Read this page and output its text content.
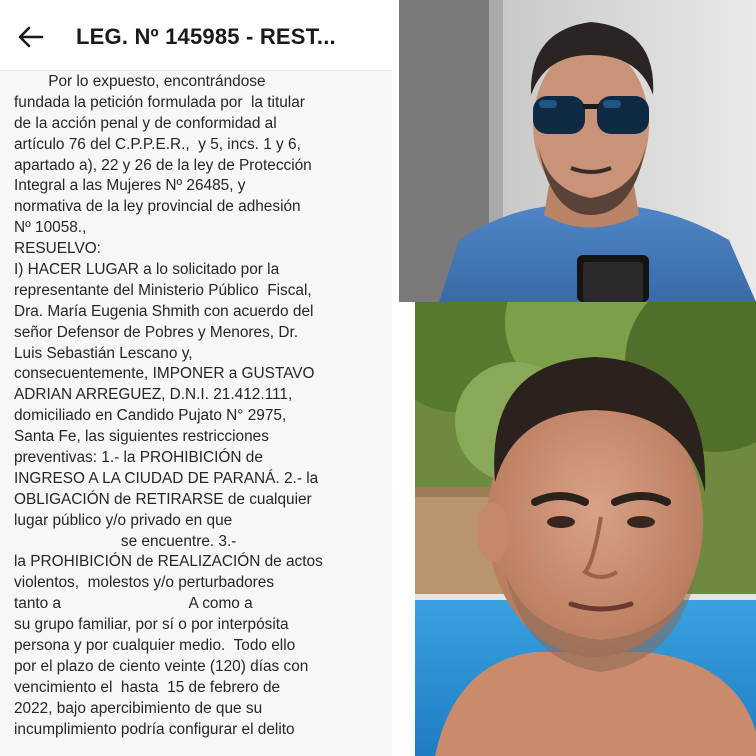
LEG. Nº 145985 - REST...
Por lo expuesto, encontrándose
fundada la petición formulada por  la titular
de la acción penal y de conformidad al
artículo 76 del C.P.P.E.R.,  y 5, incs. 1 y 6,
apartado a), 22 y 26 de la ley de Protección
Integral a las Mujeres Nº 26485, y
normativa de la ley provincial de adhesión
Nº 10058.,
RESUELVO:
I) HACER LUGAR a lo solicitado por la
representante del Ministerio Público  Fiscal,
Dra. María Eugenia Shmith con acuerdo del
señor Defensor de Pobres y Menores, Dr.
Luis Sebastián Lescano y,
consecuentemente, IMPONER a GUSTAVO
ADRIAN ARREGUEZ, D.N.I. 21.412.111,
domiciliado en Candido Pujato N° 2975,
Santa Fe, las siguientes restricciones
preventivas: 1.- la PROHIBICIÓN de
INGRESO A LA CIUDAD DE PARANÁ. 2.- la
OBLIGACIÓN de RETIRARSE de cualquier
lugar público y/o privado en que
se encuentre. 3.-
la PROHIBICIÓN de REALIZACIÓN de actos
violentos,  molestos y/o perturbadores
tanto a                              A como a
su grupo familiar, por sí o por interpósita
persona y por cualquier medio.  Todo ello
por el plazo de ciento veinte (120) días con
vencimiento el  hasta  15 de febrero de
2022, bajo apercibimiento de que su
incumplimiento podría configurar el delito
